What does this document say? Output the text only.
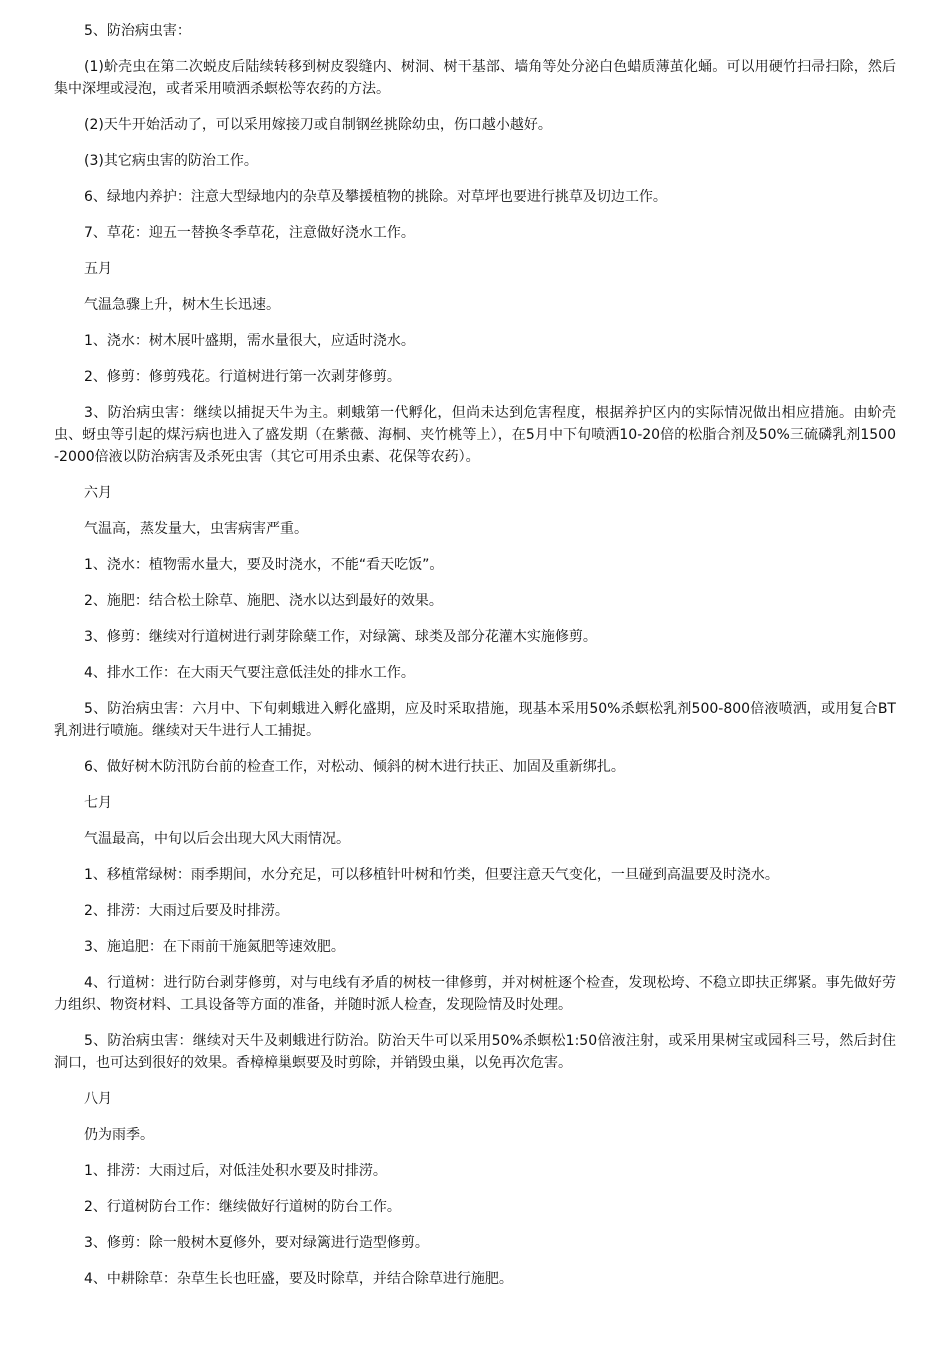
5、防治病虫害：

(1)蚧壳虫在第二次蜕皮后陆续转移到树皮裂缝内、树洞、树干基部、墙角等处分泌白色蜡质薄茧化蛹。可以用硬竹扫帚扫除，然后集中深埋或浸泡，或者采用喷洒杀螟松等农药的方法。

(2)天牛开始活动了，可以采用嫁接刀或自制钢丝挑除幼虫，伤口越小越好。

(3)其它病虫害的防治工作。

6、绿地内养护：注意大型绿地内的杂草及攀援植物的挑除。对草坪也要进行挑草及切边工作。

7、草花：迎五一替换冬季草花，注意做好浇水工作。

五月

气温急骤上升，树木生长迅速。

1、浇水：树木展叶盛期，需水量很大，应适时浇水。

2、修剪：修剪残花。行道树进行第一次剥芽修剪。

3、防治病虫害：继续以捕捉天牛为主。刺蛾第一代孵化，但尚未达到危害程度，根据养护区内的实际情况做出相应措施。由蚧壳虫、蚜虫等引起的煤污病也进入了盛发期（在紫薇、海桐、夹竹桃等上），在5月中下旬喷洒10-20倍的松脂合剂及50%三硫磷乳剂1500-2000倍液以防治病害及杀死虫害（其它可用杀虫素、花保等农药）。

六月

气温高，蒸发量大，虫害病害严重。

1、浇水：植物需水量大，要及时浇水，不能“看天吃饭”。

2、施肥：结合松土除草、施肥、浇水以达到最好的效果。

3、修剪：继续对行道树进行剥芽除蘖工作，对绿篱、球类及部分花灌木实施修剪。

4、排水工作：在大雨天气要注意低洼处的排水工作。

5、防治病虫害：六月中、下旬刺蛾进入孵化盛期，应及时采取措施，现基本采用50%杀螟松乳剂500-800倍液喷洒，或用复合BT乳剂进行喷施。继续对天牛进行人工捕捉。

6、做好树木防汛防台前的检查工作，对松动、倾斜的树木进行扶正、加固及重新绑扎。

七月

气温最高，中旬以后会出现大风大雨情况。

1、移植常绿树：雨季期间，水分充足，可以移植针叶树和竹类，但要注意天气变化，一旦碰到高温要及时浇水。

2、排涝：大雨过后要及时排涝。

3、施追肥：在下雨前干施氮肥等速效肥。

4、行道树：进行防台剥芽修剪，对与电线有矛盾的树枝一律修剪，并对树桩逐个检查，发现松垮、不稳立即扶正绑紧。事先做好劳力组织、物资材料、工具设备等方面的准备，并随时派人检查，发现险情及时处理。

5、防治病虫害：继续对天牛及刺蛾进行防治。防治天牛可以采用50%杀螟松1:50倍液注射，或采用果树宝或园科三号，然后封住洞口，也可达到很好的效果。香樟樟巢螟要及时剪除，并销毁虫巢，以免再次危害。

八月

仍为雨季。

1、排涝：大雨过后，对低洼处积水要及时排涝。

2、行道树防台工作：继续做好行道树的防台工作。

3、修剪：除一般树木夏修外，要对绿篱进行造型修剪。

4、中耕除草：杂草生长也旺盛，要及时除草，并结合除草进行施肥。
